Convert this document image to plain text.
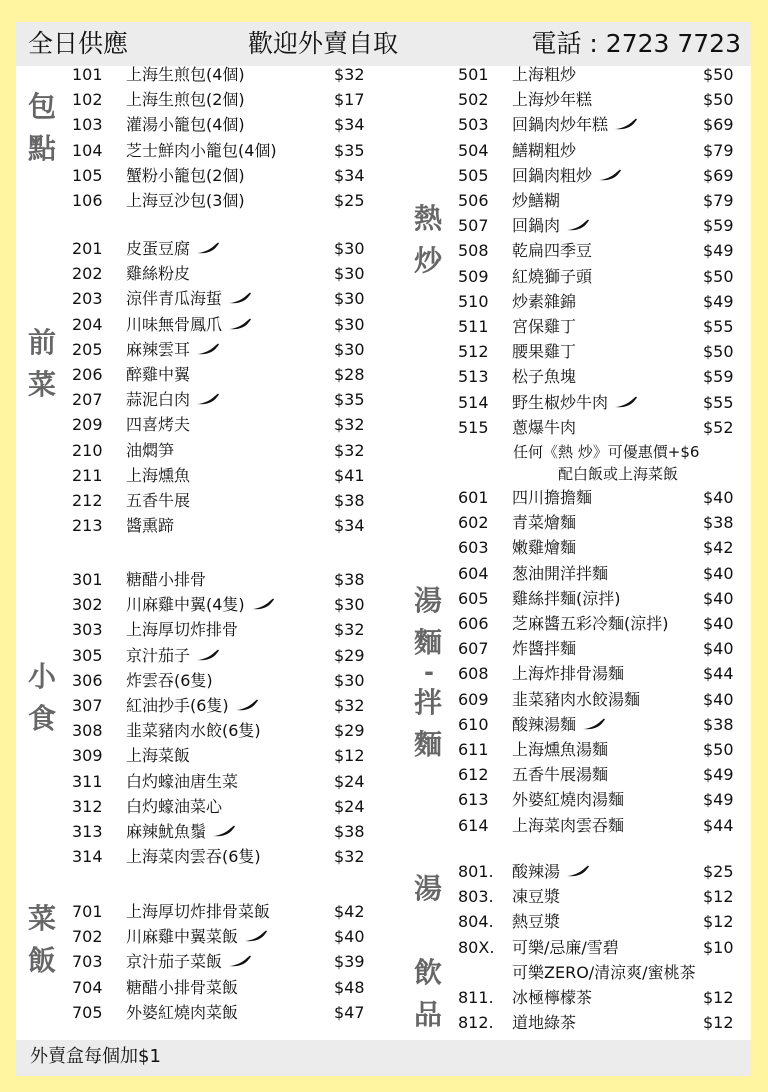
全日供應	歡迎外賣自取	電話 : 2723 7723
包點
前菜
小食
菜飯
熱炒
湯麵
-
拌麵
湯
飲品
101 上海生煎包(4個)	$32
102 上海生煎包(2個)	$17
103 灌湯小籠包(4個)	$34
104 芝士鮮肉小籠包(4個)	$35
105 蟹粉小籠包(2個)	$34
106 上海豆沙包(3個)	$25
201 皮蛋豆腐	$30
202 雞絲粉皮	$30
203 涼伴青瓜海蜇	$30
204 川味無骨鳳爪	$30
205 麻辣雲耳	$30
206 醉雞中翼	$28
207 蒜泥白肉	$35
209 四喜烤夫	$32
210 油燜笋	$32
211 上海燻魚	$41
212 五香牛展	$38
213 醬熏蹄	$34
301 糖醋小排骨	$38
302 川麻雞中翼(4隻)	$30
303 上海厚切炸排骨	$32
305 京汁茄子	$29
306 炸雲吞(6隻)	$30
307 紅油抄手(6隻)	$32
308 韭菜豬肉水餃(6隻)	$29
309 上海菜飯	$12
311 白灼蠔油唐生菜	$24
312 白灼蠔油菜心	$24
313 麻辣魷魚鬚	$38
314 上海菜肉雲吞(6隻)	$32
701 上海厚切炸排骨菜飯	$42
702 川麻雞中翼菜飯	$40
703 京汁茄子菜飯	$39
704 糖醋小排骨菜飯	$48
705 外婆紅燒肉菜飯	$47
501 上海粗炒	$50
502 上海炒年糕	$50
503 回鍋肉炒年糕	$69
504 鱔糊粗炒	$79
505 回鍋肉粗炒	$69
506 炒鱔糊	$79
507 回鍋肉	$59
508 乾扁四季豆	$49
509 紅燒獅子頭	$50
510 炒素雜錦	$49
511 宮保雞丁	$55
512 腰果雞丁	$50
513 松子魚塊	$59
514 野生椒炒牛肉	$55
515 蔥爆牛肉	$52
601 四川擔擔麵	$40
602 青菜燴麵	$38
603 嫩雞燴麵	$42
604 葱油開洋拌麵	$40
605 雞絲拌麵(涼拌)	$40
606 芝麻醬五彩冷麵(涼拌) $40
607 炸醬拌麵	$40
608 上海炸排骨湯麵	$44
609 韭菜豬肉水餃湯麵	$40
610 酸辣湯麵	$38
611 上海燻魚湯麵	$50
612 五香牛展湯麵	$49
613 外婆紅燒肉湯麵	$49
614 上海菜肉雲吞麵	$44
801. 酸辣湯	$25
803. 凍豆漿	$12
804. 熱豆漿	$12
80X. 可樂/忌廉/雪碧	$10
可樂ZERO/清涼爽/蜜桃茶
811. 冰極檸檬茶	$12
812. 道地綠茶	$12
任何《熱 炒》可優惠價+$6
配白飯或上海菜飯
外賣盒每個加$1
